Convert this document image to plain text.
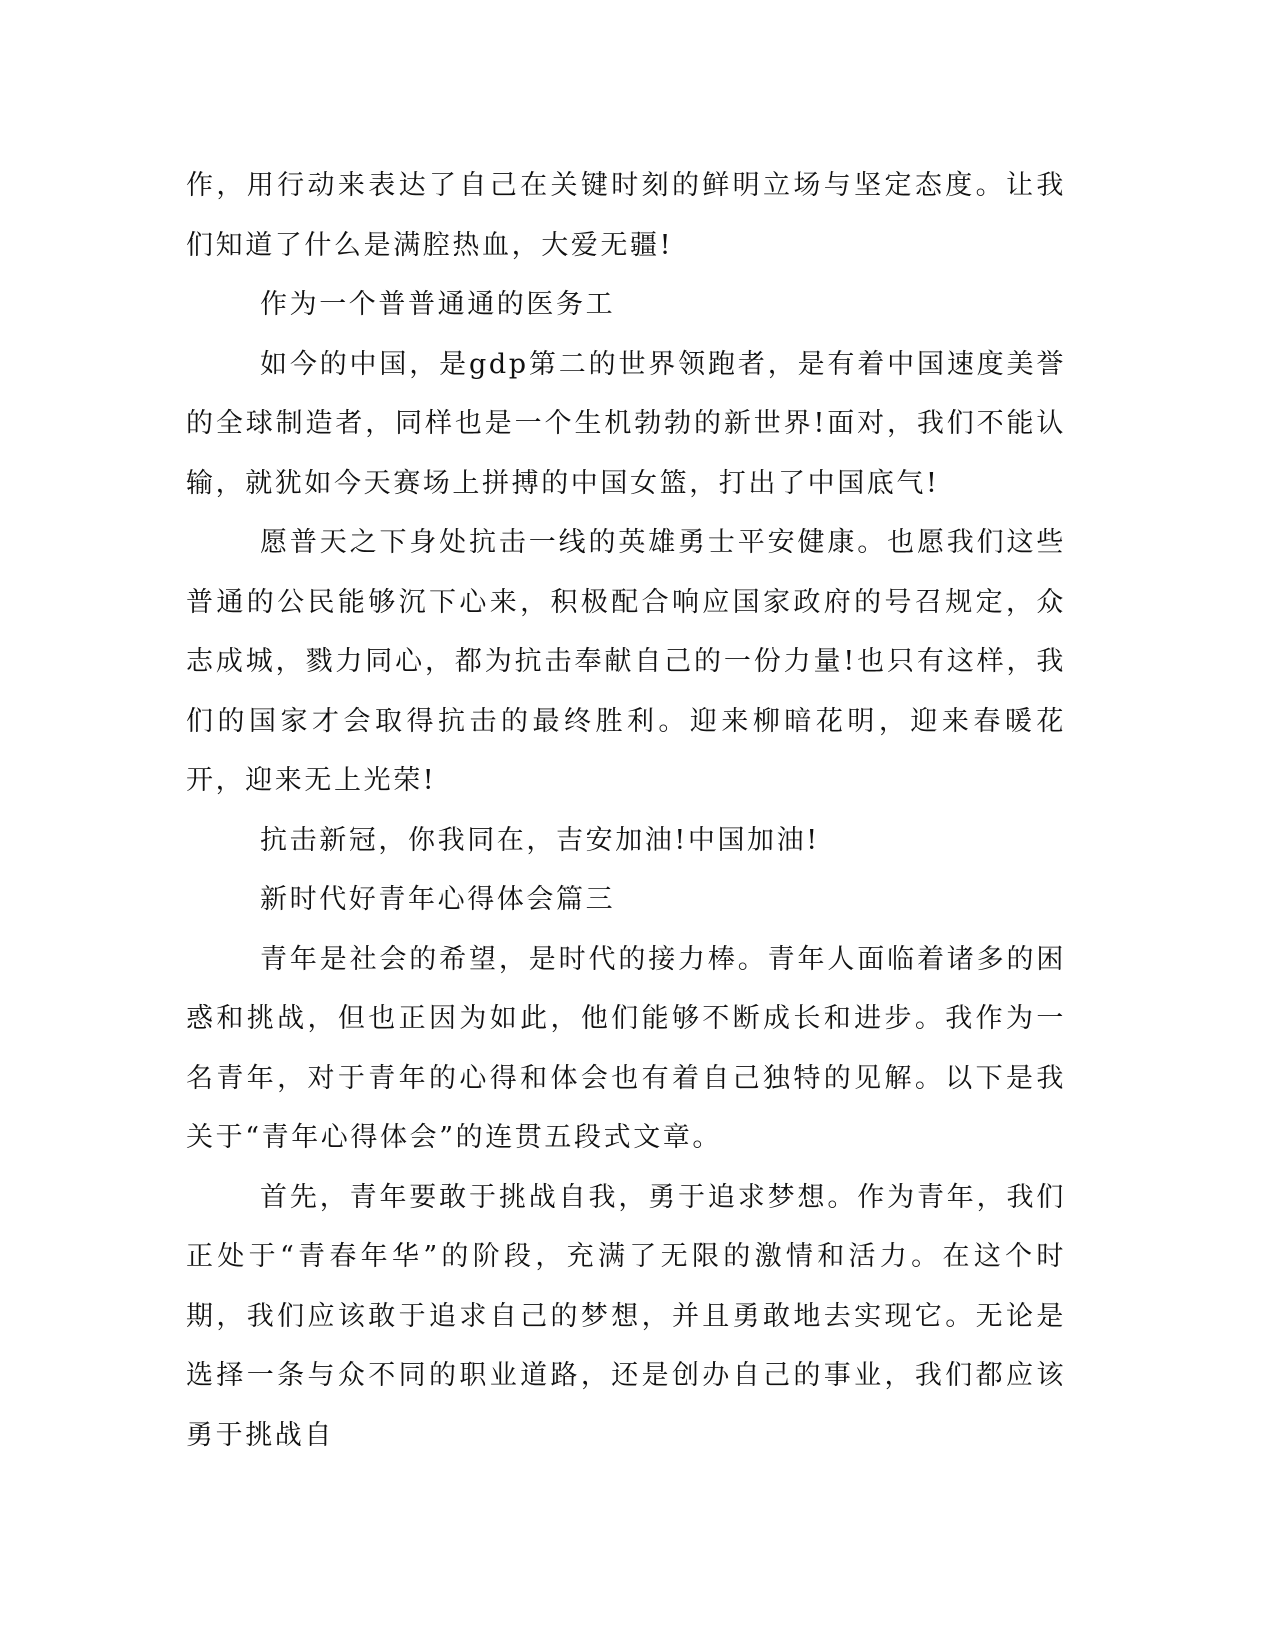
作，用行动来表达了自己在关键时刻的鲜明立场与坚定态度。让我们知道了什么是满腔热血，大爱无疆!

作为一个普普通通的医务工

如今的中国，是gdp第二的世界领跑者，是有着中国速度美誉的全球制造者，同样也是一个生机勃勃的新世界!面对，我们不能认输，就犹如今天赛场上拼搏的中国女篮，打出了中国底气!

愿普天之下身处抗击一线的英雄勇士平安健康。也愿我们这些普通的公民能够沉下心来，积极配合响应国家政府的号召规定，众志成城，戮力同心，都为抗击奉献自己的一份力量!也只有这样，我们的国家才会取得抗击的最终胜利。迎来柳暗花明，迎来春暖花开，迎来无上光荣!

抗击新冠，你我同在，吉安加油!中国加油!

新时代好青年心得体会篇三

青年是社会的希望，是时代的接力棒。青年人面临着诸多的困惑和挑战，但也正因为如此，他们能够不断成长和进步。我作为一名青年，对于青年的心得和体会也有着自己独特的见解。以下是我关于“青年心得体会”的连贯五段式文章。

首先，青年要敢于挑战自我，勇于追求梦想。作为青年，我们正处于“青春年华”的阶段，充满了无限的激情和活力。在这个时期，我们应该敢于追求自己的梦想，并且勇敢地去实现它。无论是选择一条与众不同的职业道路，还是创办自己的事业，我们都应该勇于挑战自
